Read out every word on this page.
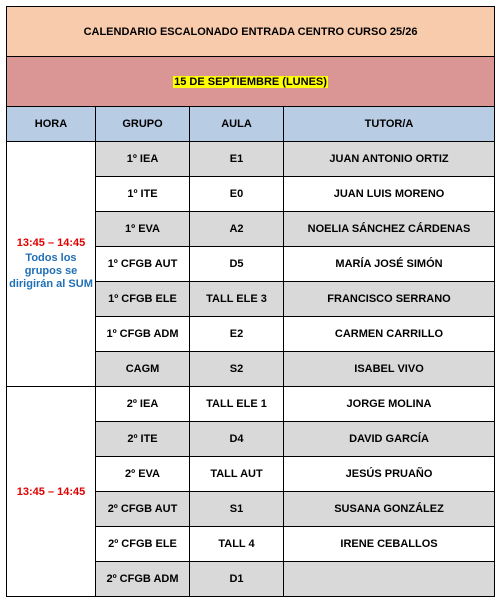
CALENDARIO ESCALONADO ENTRADA CENTRO CURSO 25/26			
15 DE SEPTIEMBRE (LUNES)			
HORA	GRUPO	AULA	TUTOR/A
13:45 – 14:45
Todos los grupos se dirigirán al SUM	1º IEA	E1	JUAN ANTONIO ORTIZ
	1º ITE	E0	JUAN LUIS MORENO
	1º EVA	A2	NOELIA SÁNCHEZ CÁRDENAS
	1º CFGB AUT	D5	MARÍA JOSÉ SIMÓN
	1º CFGB ELE	TALL ELE 3	FRANCISCO SERRANO
	1º CFGB ADM	E2	CARMEN CARRILLO
	CAGM	S2	ISABEL VIVO
13:45 – 14:45	2º IEA	TALL ELE 1	JORGE MOLINA
	2º ITE	D4	DAVID GARCÍA
	2º EVA	TALL AUT	JESÚS PRUAÑO
	2º CFGB AUT	S1	SUSANA GONZÁLEZ
	2º CFGB ELE	TALL 4	IRENE CEBALLOS
	2º CFGB ADM	D1	
